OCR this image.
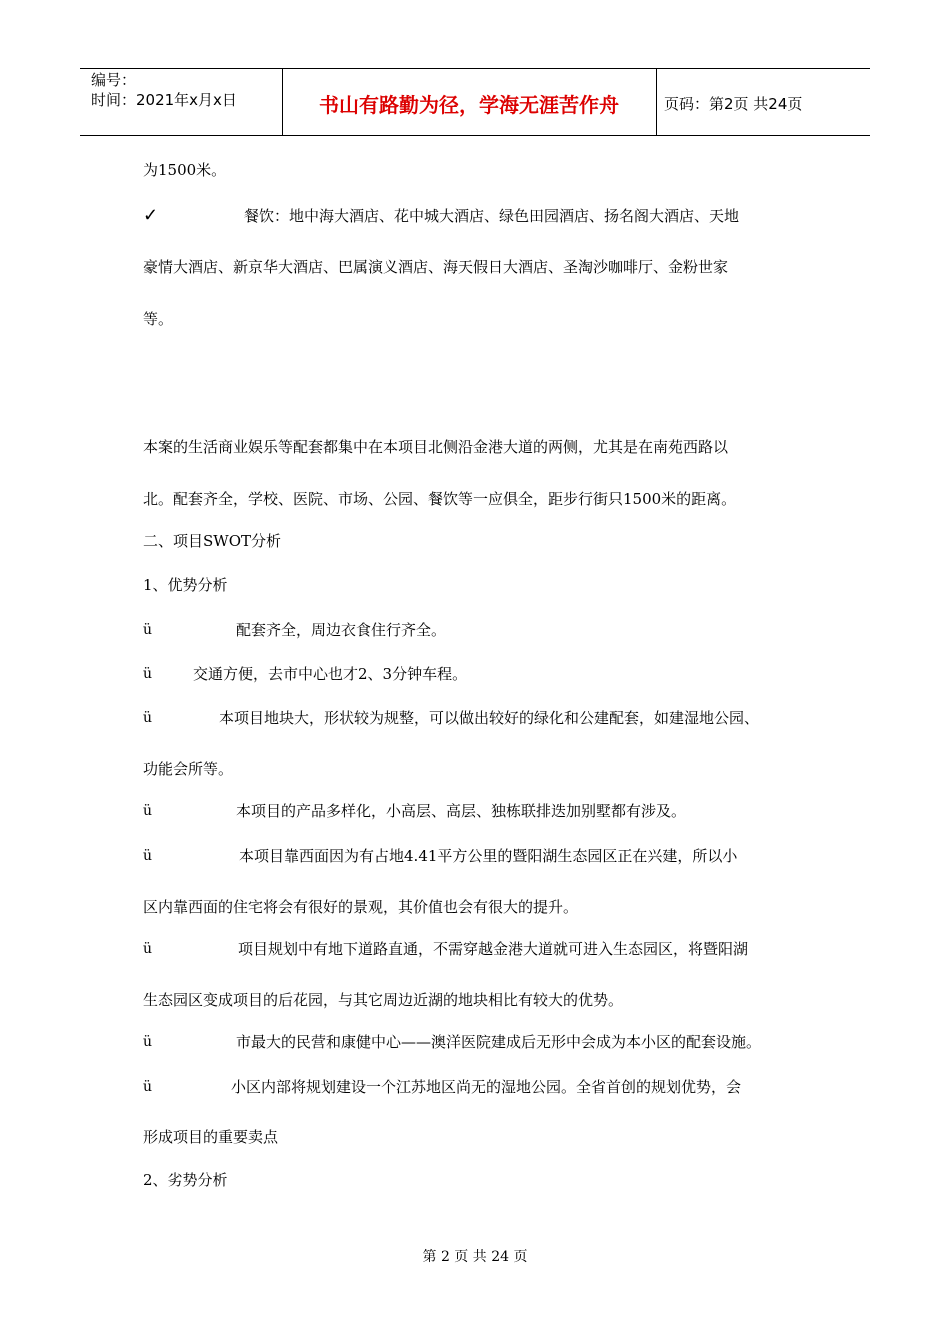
编号：
时间：2021年x月x日	书山有路勤为径，学海无涯苦作舟	页码：第2页 共24页
为1500米。
✓	餐饮：地中海大酒店、花中城大酒店、绿色田园酒店、扬名阁大酒店、天地
豪情大酒店、新京华大酒店、巴属演义酒店、海天假日大酒店、圣淘沙咖啡厅、金粉世家
等。
本案的生活商业娱乐等配套都集中在本项目北侧沿金港大道的两侧，尤其是在南苑西路以
北。配套齐全，学校、医院、市场、公园、餐饮等一应俱全，距步行街只1500米的距离。
二、项目SWOT分析
1、优势分析
ü	配套齐全，周边衣食住行齐全。
ü	交通方便，去市中心也才2、3分钟车程。
ü	本项目地块大，形状较为规整，可以做出较好的绿化和公建配套，如建湿地公园、
功能会所等。
ü	本项目的产品多样化，小高层、高层、独栋联排迭加别墅都有涉及。
ü	本项目靠西面因为有占地4.41平方公里的暨阳湖生态园区正在兴建，所以小
区内靠西面的住宅将会有很好的景观，其价值也会有很大的提升。
ü	项目规划中有地下道路直通，不需穿越金港大道就可进入生态园区，将暨阳湖
生态园区变成项目的后花园，与其它周边近湖的地块相比有较大的优势。
ü	市最大的民营和康健中心——澳洋医院建成后无形中会成为本小区的配套设施。
ü	小区内部将规划建设一个江苏地区尚无的湿地公园。全省首创的规划优势，会
形成项目的重要卖点
2、劣势分析
第 2 页 共 24 页
